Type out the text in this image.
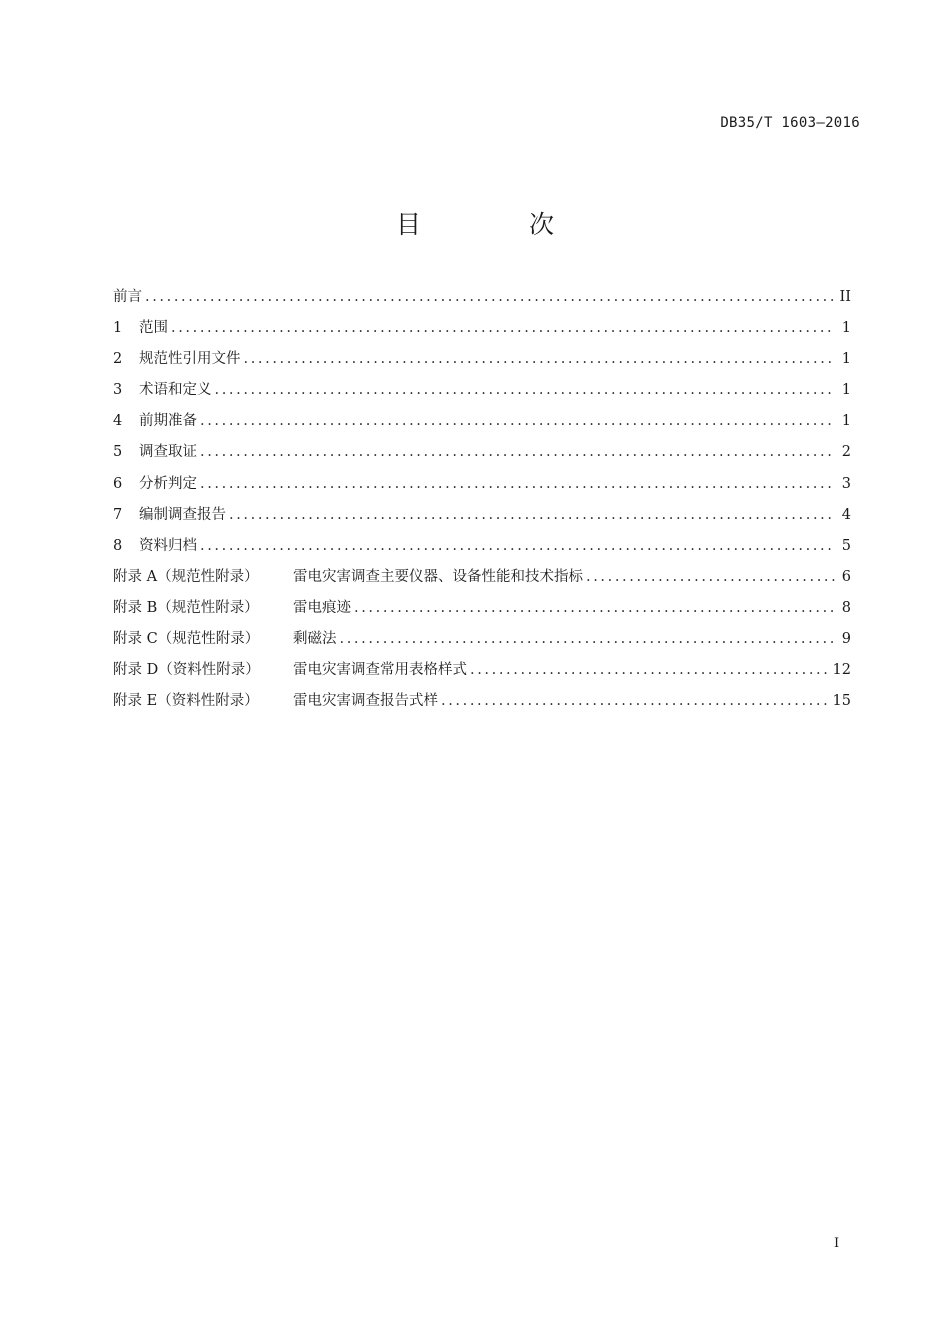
DB35/T 1603—2016
目 次
前言 .....	II
1	范围 .....	1
2	规范性引用文件 .....	1
3	术语和定义 .....	1
4	前期准备 .....	1
5	调查取证 .....	2
6	分析判定 .....	3
7	编制调查报告 .....	4
8	资料归档 .....	5
附录 A（规范性附录）	雷电灾害调查主要仪器、设备性能和技术指标 .....	6
附录 B（规范性附录）	雷电痕迹 .....	8
附录 C（规范性附录）	剩磁法 .....	9
附录 D（资料性附录）	雷电灾害调查常用表格样式 .....	12
附录 E（资料性附录）	雷电灾害调查报告式样 .....	15
I
